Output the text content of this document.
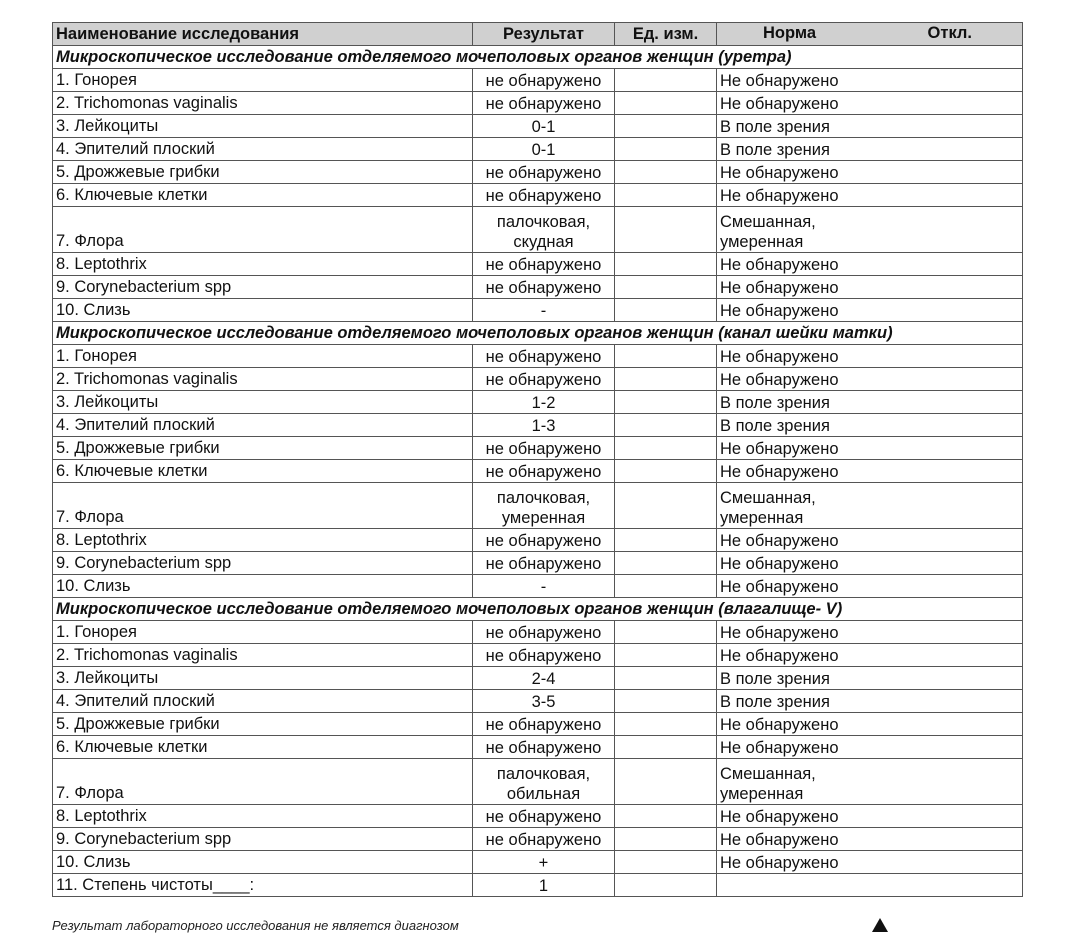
Наименование исследования	Результат	Ед. изм.	Норма Откл.

Микроскопическое исследование отделяемого мочеполовых органов женщин (уретра)			
1. Гонорея	не обнаружено		Не обнаружено

2. Trichomonas vaginalis	не обнаружено		Не обнаружено

3. Лейкоциты	0-1		В поле зрения

4. Эпителий плоский	0-1		В поле зрения

5. Дрожжевые грибки	не обнаружено		Не обнаружено

6. Ключевые клетки	не обнаружено		Не обнаружено

7. Флора	палочковая,
скудная		Смешанная,
умеренная

8. Leptothrix	не обнаружено		Не обнаружено

9. Corynebacterium spp	не обнаружено		Не обнаружено

10. Слизь	-		Не обнаружено

Микроскопическое исследование отделяемого мочеполовых органов женщин (канал шейки матки)			
1. Гонорея	не обнаружено		Не обнаружено

2. Trichomonas vaginalis	не обнаружено		Не обнаружено

3. Лейкоциты	1-2		В поле зрения

4. Эпителий плоский	1-3		В поле зрения

5. Дрожжевые грибки	не обнаружено		Не обнаружено

6. Ключевые клетки	не обнаружено		Не обнаружено

7. Флора	палочковая,
умеренная		Смешанная,
умеренная

8. Leptothrix	не обнаружено		Не обнаружено

9. Corynebacterium spp	не обнаружено		Не обнаружено

10. Слизь	-		Не обнаружено

Микроскопическое исследование отделяемого мочеполовых органов женщин (влагалище- V)			
1. Гонорея	не обнаружено		Не обнаружено

2. Trichomonas vaginalis	не обнаружено		Не обнаружено

3. Лейкоциты	2-4		В поле зрения

4. Эпителий плоский	3-5		В поле зрения

5. Дрожжевые грибки	не обнаружено		Не обнаружено

6. Ключевые клетки	не обнаружено		Не обнаружено

7. Флора	палочковая,
обильная		Смешанная,
умеренная

8. Leptothrix	не обнаружено		Не обнаружено

9. Corynebacterium spp	не обнаружено		Не обнаружено

10. Слизь	+		Не обнаружено

11. Степень чистоты____:	1		

Результат лабораторного исследования не является диагнозом
